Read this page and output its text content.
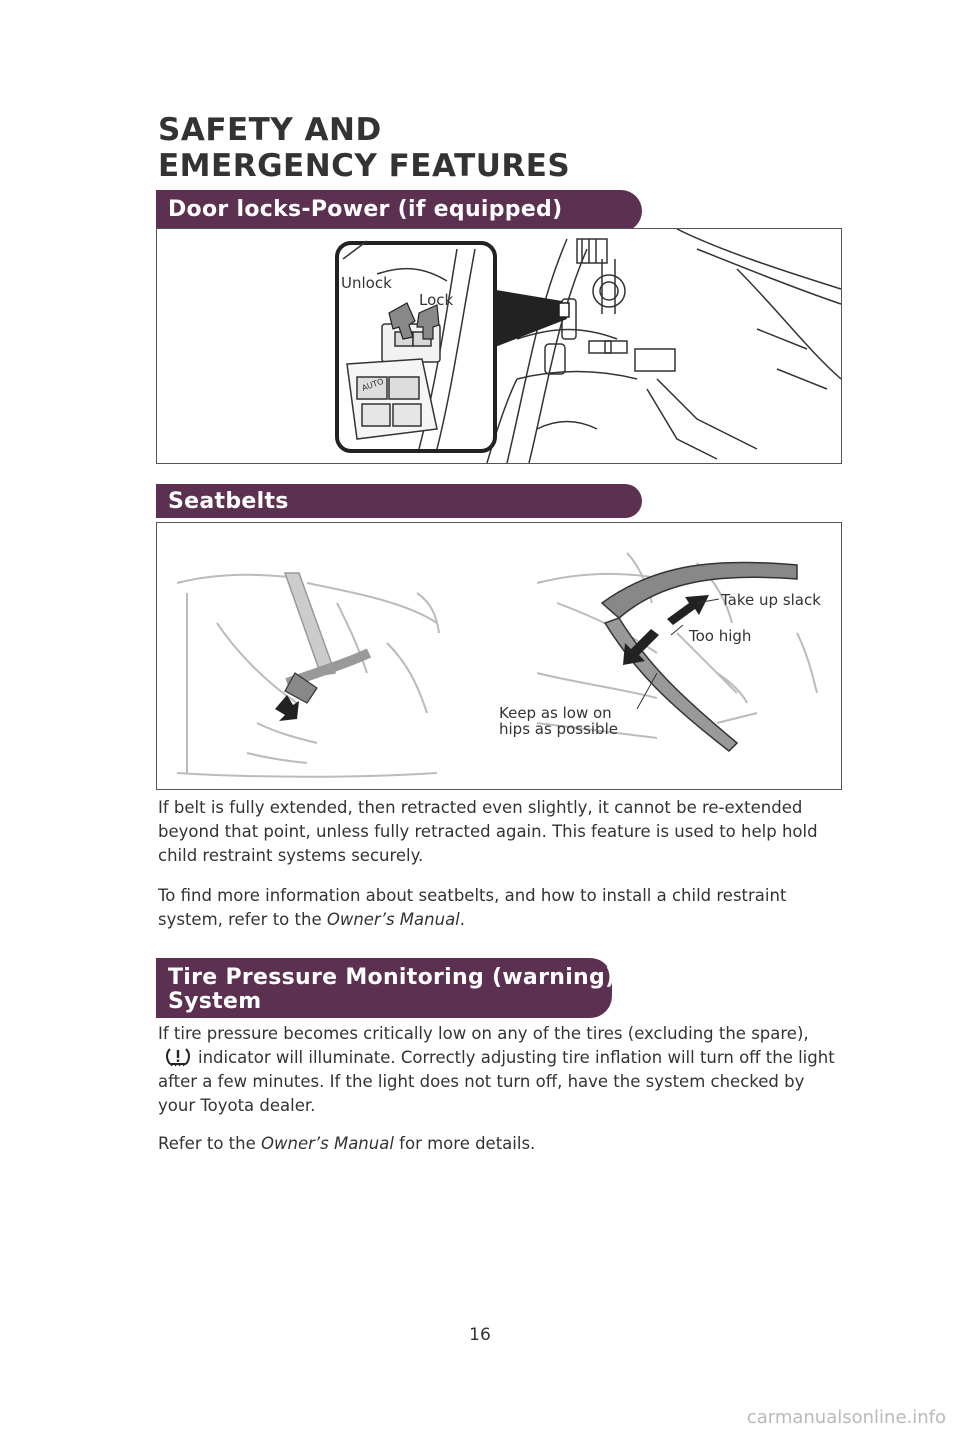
SAFETY AND
EMERGENCY FEATURES
Door locks-Power (if equipped)
AUTO
Unlock
Lock
Seatbelts
Take up slack
Too high
Keep as low on
hips as possible

If belt is fully extended, then retracted even slightly, it cannot be re-extended beyond that point, unless fully retracted again. This feature is used to help hold child restraint systems securely.

To find more information about seatbelts, and how to install a child restraint system, refer to the Owner’s Manual.

Tire Pressure Monitoring (warning)
System

If tire pressure becomes critically low on any of the tires (excluding the spare),indicator will illuminate. Correctly adjusting tire inflation will turn off the light after a few minutes. If the light does not turn off, have the system checked by your Toyota dealer.

Refer to the Owner’s Manual for more details.

16
carmanualsonline.info
